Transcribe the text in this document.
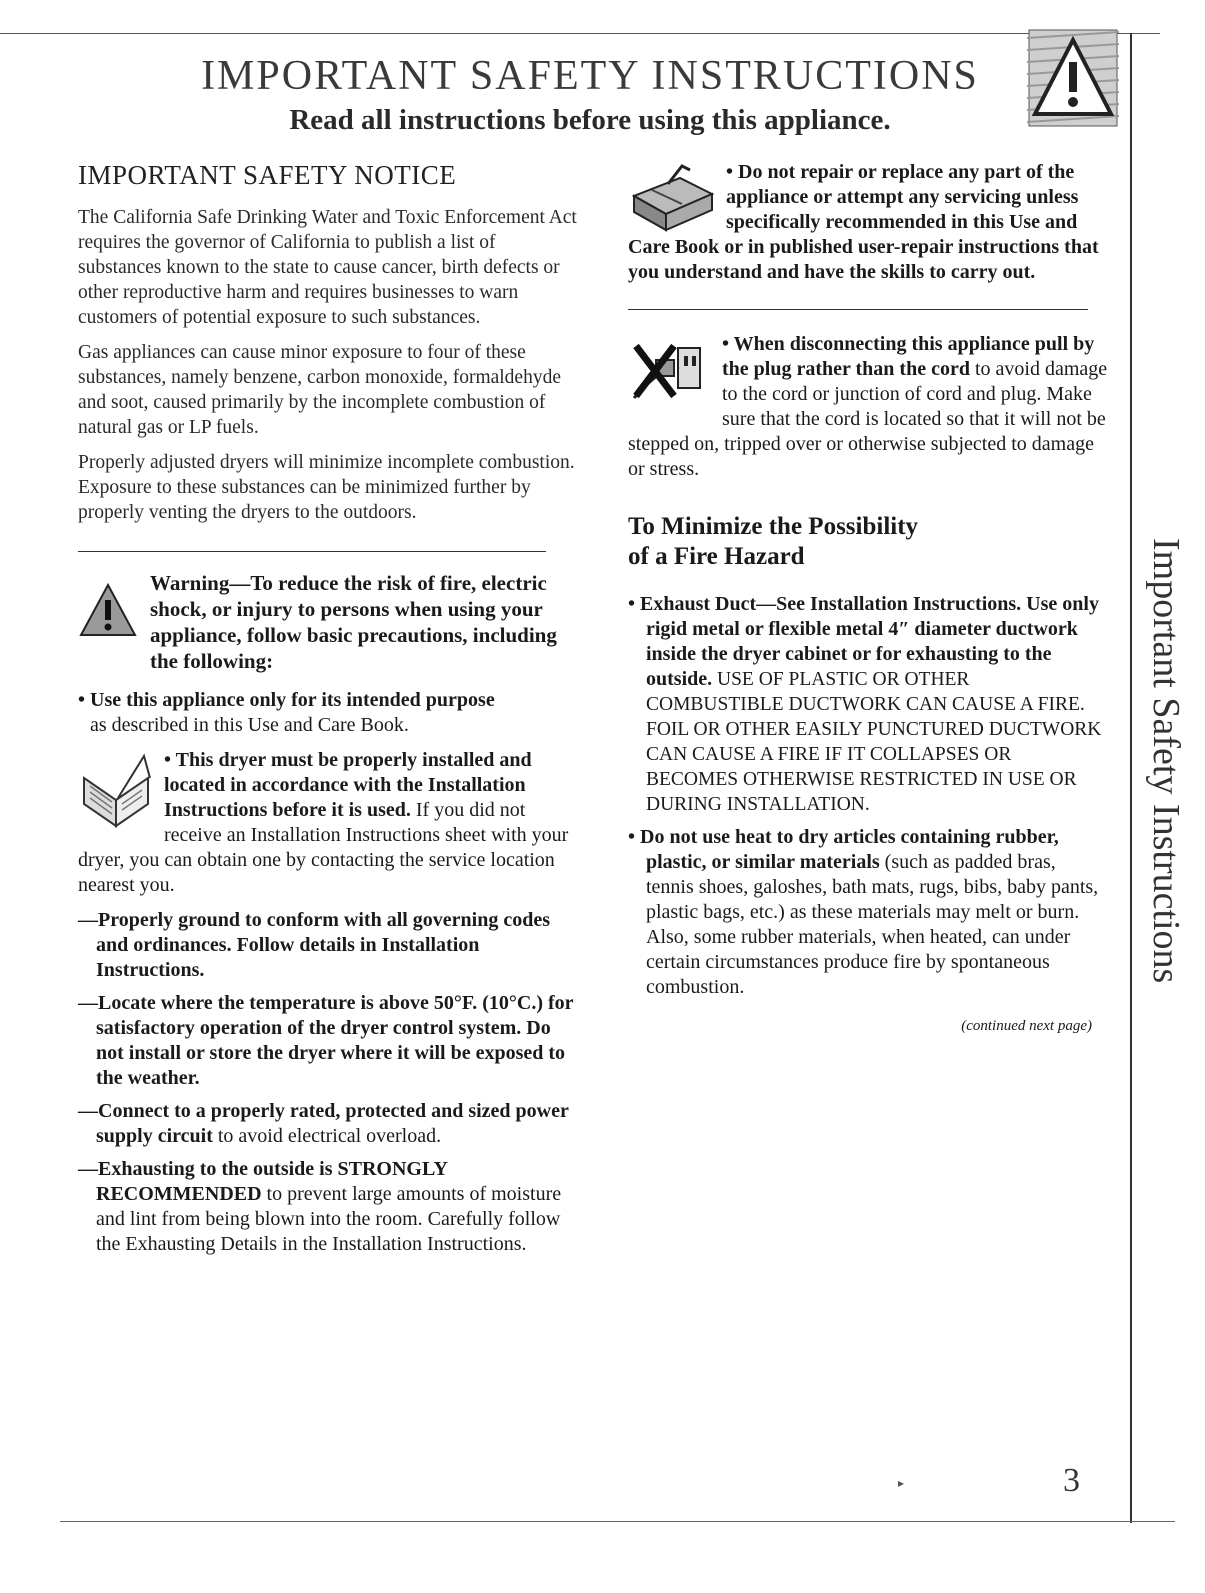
IMPORTANT SAFETY INSTRUCTIONS
Read all instructions before using this appliance.
IMPORTANT SAFETY NOTICE

The California Safe Drinking Water and Toxic Enforcement Act requires the governor of California to publish a list of substances known to the state to cause cancer, birth defects or other reproductive harm and requires businesses to warn customers of potential exposure to such substances.

Gas appliances can cause minor exposure to four of these substances, namely benzene, carbon monoxide, formaldehyde and soot, caused primarily by the incomplete combustion of natural gas or LP fuels.

Properly adjusted dryers will minimize incomplete combustion. Exposure to these substances can be minimized further by properly venting the dryers to the outdoors.

Warning—To reduce the risk of fire, electric shock, or injury to persons when using your appliance, follow basic precautions, including the following:

• Use this appliance only for its intended purpose
as described in this Use and Care Book.

• This dryer must be properly installed and located in accordance with the Installation Instructions before it is used. If you did not receive an Installation Instructions sheet with your dryer, you can obtain one by contacting the service location nearest you.

—Properly ground to conform with all governing codes and ordinances. Follow details in Installation Instructions.

—Locate where the temperature is above 50°F. (10°C.) for satisfactory operation of the dryer control system. Do not install or store the dryer where it will be exposed to the weather.

—Connect to a properly rated, protected and sized power supply circuit to avoid electrical overload.

—Exhausting to the outside is STRONGLY RECOMMENDED to prevent large amounts of moisture and lint from being blown into the room. Carefully follow the Exhausting Details in the Installation Instructions.

• Do not repair or replace any part of the appliance or attempt any servicing unless specifically recommended in this Use and Care Book or in published user-repair instructions that you understand and have the skills to carry out.
• When disconnecting this appliance pull by the plug rather than the cord to avoid damage to the cord or junction of cord and plug. Make sure that the cord is located so that it will not be stepped on, tripped over or otherwise subjected to damage or stress.
To Minimize the Possibility
of a Fire Hazard

• Exhaust Duct—See Installation Instructions. Use only rigid metal or flexible metal 4″ diameter ductwork inside the dryer cabinet or for exhausting to the outside. USE OF PLASTIC OR OTHER COMBUSTIBLE DUCTWORK CAN CAUSE A FIRE. FOIL OR OTHER EASILY PUNCTURED DUCTWORK CAN CAUSE A FIRE IF IT COLLAPSES OR BECOMES OTHERWISE RESTRICTED IN USE OR DURING INSTALLATION.

• Do not use heat to dry articles containing rubber, plastic, or similar materials (such as padded bras, tennis shoes, galoshes, bath mats, rugs, bibs, baby pants, plastic bags, etc.) as these materials may melt or burn. Also, some rubber materials, when heated, can under certain circumstances produce fire by spontaneous combustion.

(continued next page)

Important Safety Instructions
▸	3
